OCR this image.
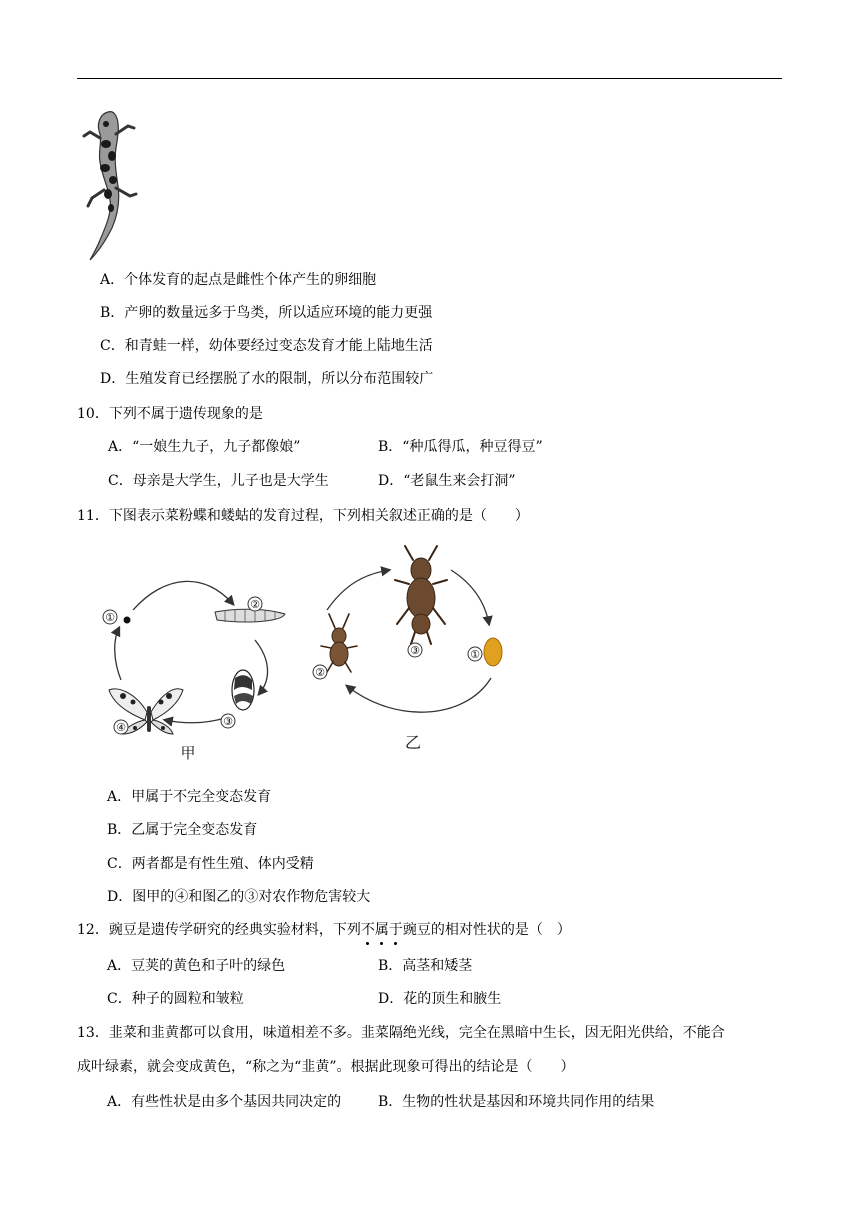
A．个体发育的起点是雌性个体产生的卵细胞
B．产卵的数量远多于鸟类，所以适应环境的能力更强
C．和青蛙一样，幼体要经过变态发育才能上陆地生活
D．生殖发育已经摆脱了水的限制，所以分布范围较广
10．下列不属于遗传现象的是
A．“一娘生九子，九子都像娘”	B．“种瓜得瓜，种豆得豆”
C．母亲是大学生，儿子也是大学生	D．“老鼠生来会打洞”
11．下图表示菜粉蝶和蝼蛄的发育过程，下列相关叙述正确的是（　　）
①
②
③
④
甲
③	①
②
乙
A．甲属于不完全变态发育
B．乙属于完全变态发育
C．两者都是有性生殖、体内受精
D．图甲的④和图乙的③对农作物危害较大
12．豌豆是遗传学研究的经典实验材料，下列不属于豌豆的相对性状的是（　）
A．豆荚的黄色和子叶的绿色	B．高茎和矮茎
C．种子的圆粒和皱粒	D．花的顶生和腋生
13．韭菜和韭黄都可以食用，味道相差不多。韭菜隔绝光线，完全在黑暗中生长，因无阳光供给，不能合
成叶绿素，就会变成黄色，“称之为“韭黄”。根据此现象可得出的结论是（　　）
A．有些性状是由多个基因共同决定的	B．生物的性状是基因和环境共同作用的结果
